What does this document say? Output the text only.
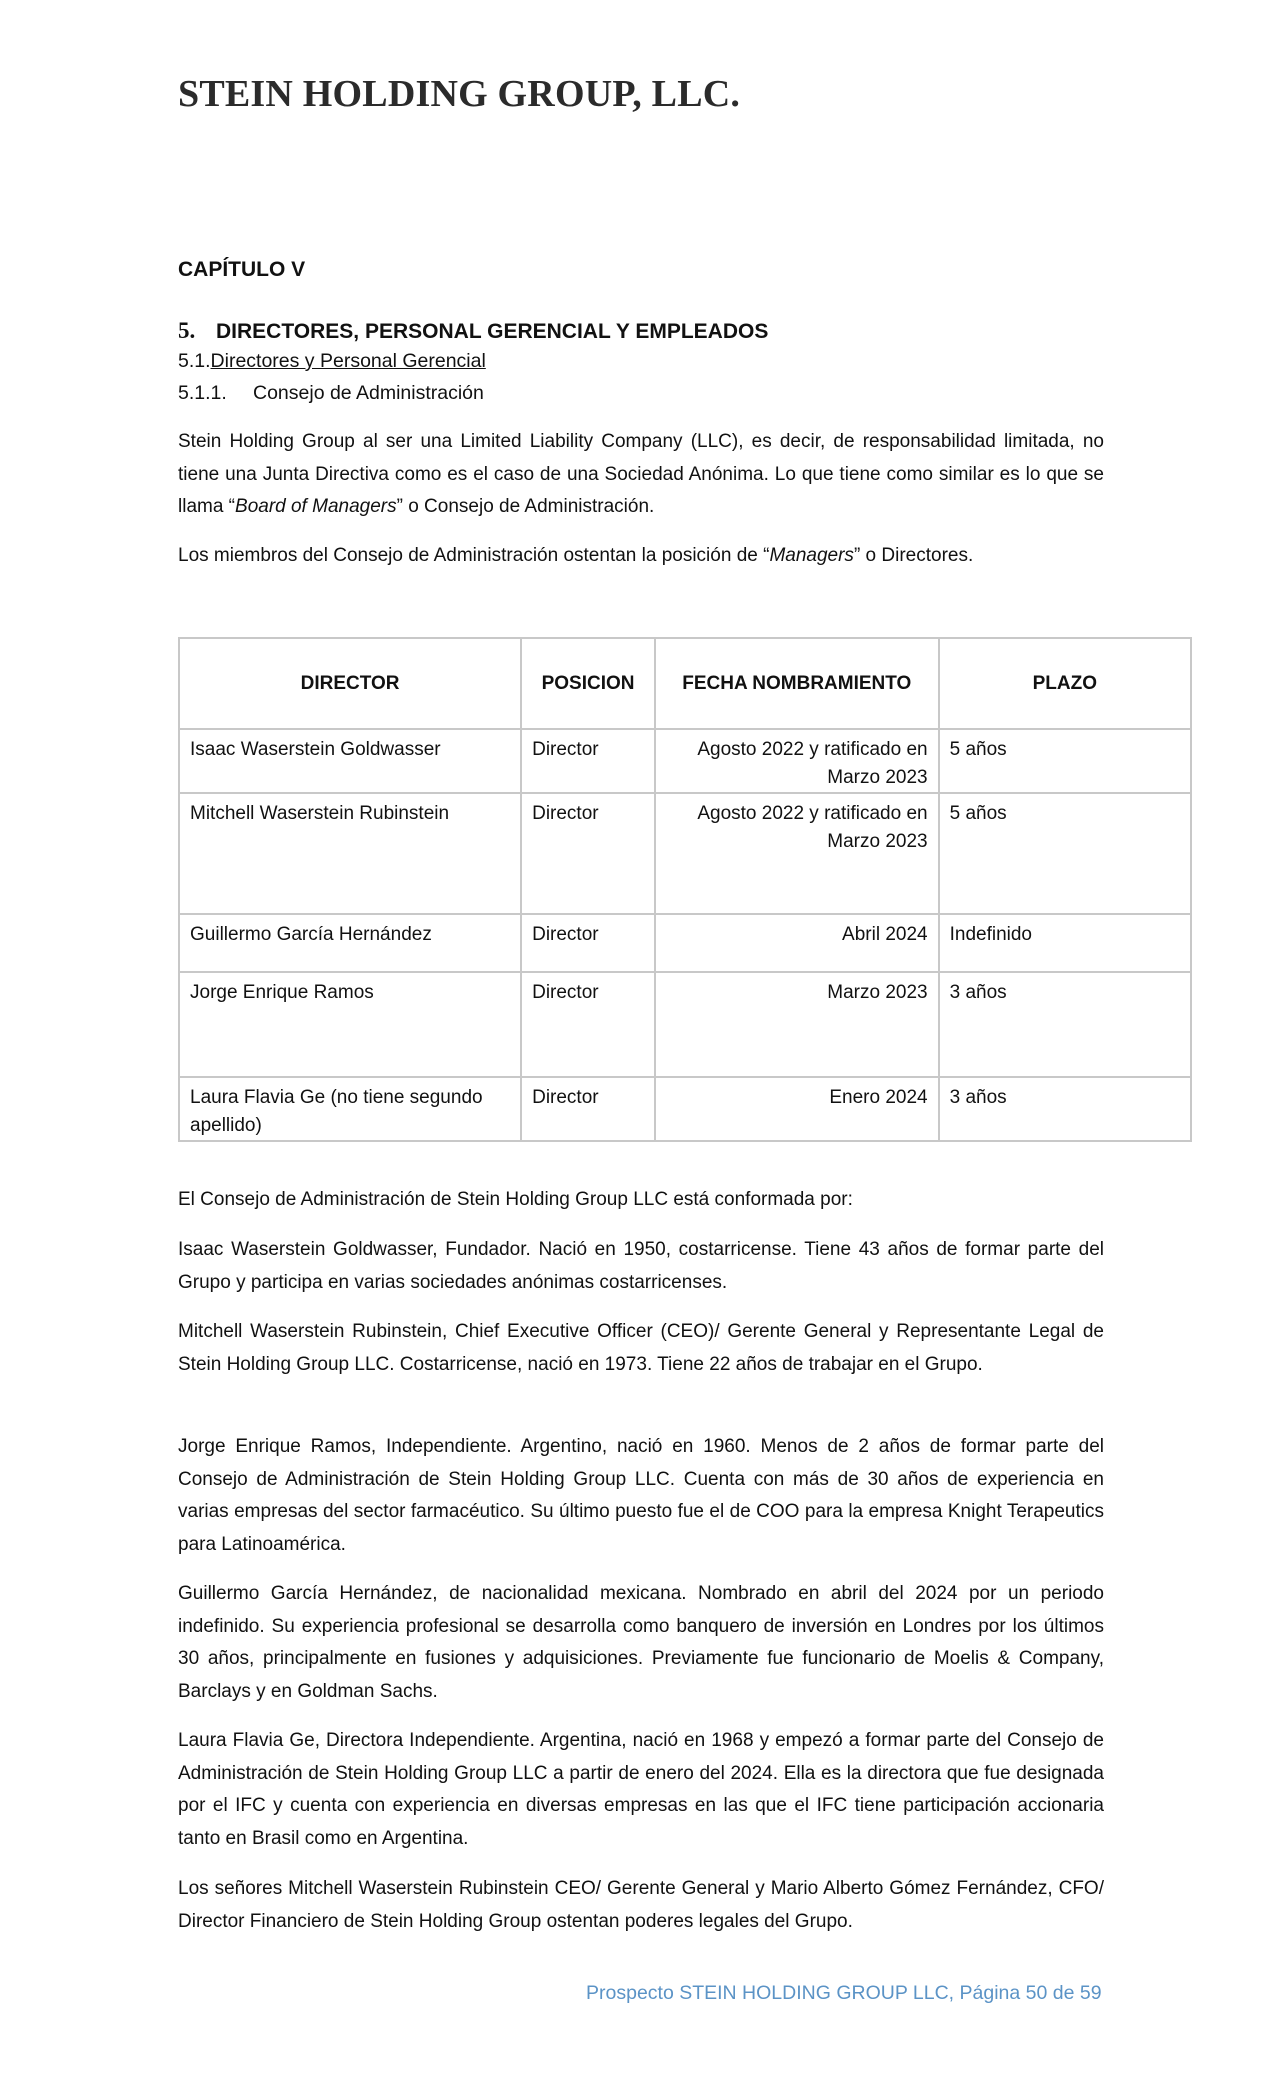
STEIN HOLDING GROUP, LLC.
CAPÍTULO V
5. DIRECTORES, PERSONAL GERENCIAL Y EMPLEADOS
5.1.Directores y Personal Gerencial
5.1.1. Consejo de Administración

Stein Holding Group al ser una Limited Liability Company (LLC), es decir, de responsabilidad limitada, no tiene una Junta Directiva como es el caso de una Sociedad Anónima. Lo que tiene como similar es lo que se llama “Board of Managers” o Consejo de Administración.

Los miembros del Consejo de Administración ostentan la posición de “Managers” o Directores.

DIRECTOR	POSICION	FECHA NOMBRAMIENTO	PLAZO
Isaac Waserstein Goldwasser	Director	Agosto 2022 y ratificado en Marzo 2023	5 años
Mitchell Waserstein Rubinstein	Director	Agosto 2022 y ratificado en Marzo 2023	5 años
Guillermo García Hernández	Director	Abril 2024	Indefinido
Jorge Enrique Ramos	Director	Marzo 2023	3 años
Laura Flavia Ge (no tiene segundo apellido)	Director	Enero 2024	3 años

El Consejo de Administración de Stein Holding Group LLC está conformada por:

Isaac Waserstein Goldwasser, Fundador. Nació en 1950, costarricense. Tiene 43 años de formar parte del Grupo y participa en varias sociedades anónimas costarricenses.

Mitchell Waserstein Rubinstein, Chief Executive Officer (CEO)/ Gerente General y Representante Legal de Stein Holding Group LLC. Costarricense, nació en 1973. Tiene 22 años de trabajar en el Grupo.

Jorge Enrique Ramos, Independiente. Argentino, nació en 1960. Menos de 2 años de formar parte del Consejo de Administración de Stein Holding Group LLC. Cuenta con más de 30 años de experiencia en varias empresas del sector farmacéutico. Su último puesto fue el de COO para la empresa Knight Terapeutics para Latinoamérica.

Guillermo García Hernández, de nacionalidad mexicana. Nombrado en abril del 2024 por un periodo indefinido. Su experiencia profesional se desarrolla como banquero de inversión en Londres por los últimos 30 años, principalmente en fusiones y adquisiciones. Previamente fue funcionario de Moelis & Company, Barclays y en Goldman Sachs.

Laura Flavia Ge, Directora Independiente. Argentina, nació en 1968 y empezó a formar parte del Consejo de Administración de Stein Holding Group LLC a partir de enero del 2024. Ella es la directora que fue designada por el IFC y cuenta con experiencia en diversas empresas en las que el IFC tiene participación accionaria tanto en Brasil como en Argentina.

Los señores Mitchell Waserstein Rubinstein CEO/ Gerente General y Mario Alberto Gómez Fernández, CFO/ Director Financiero de Stein Holding Group ostentan poderes legales del Grupo.

Prospecto STEIN HOLDING GROUP LLC, Página 50 de 59
